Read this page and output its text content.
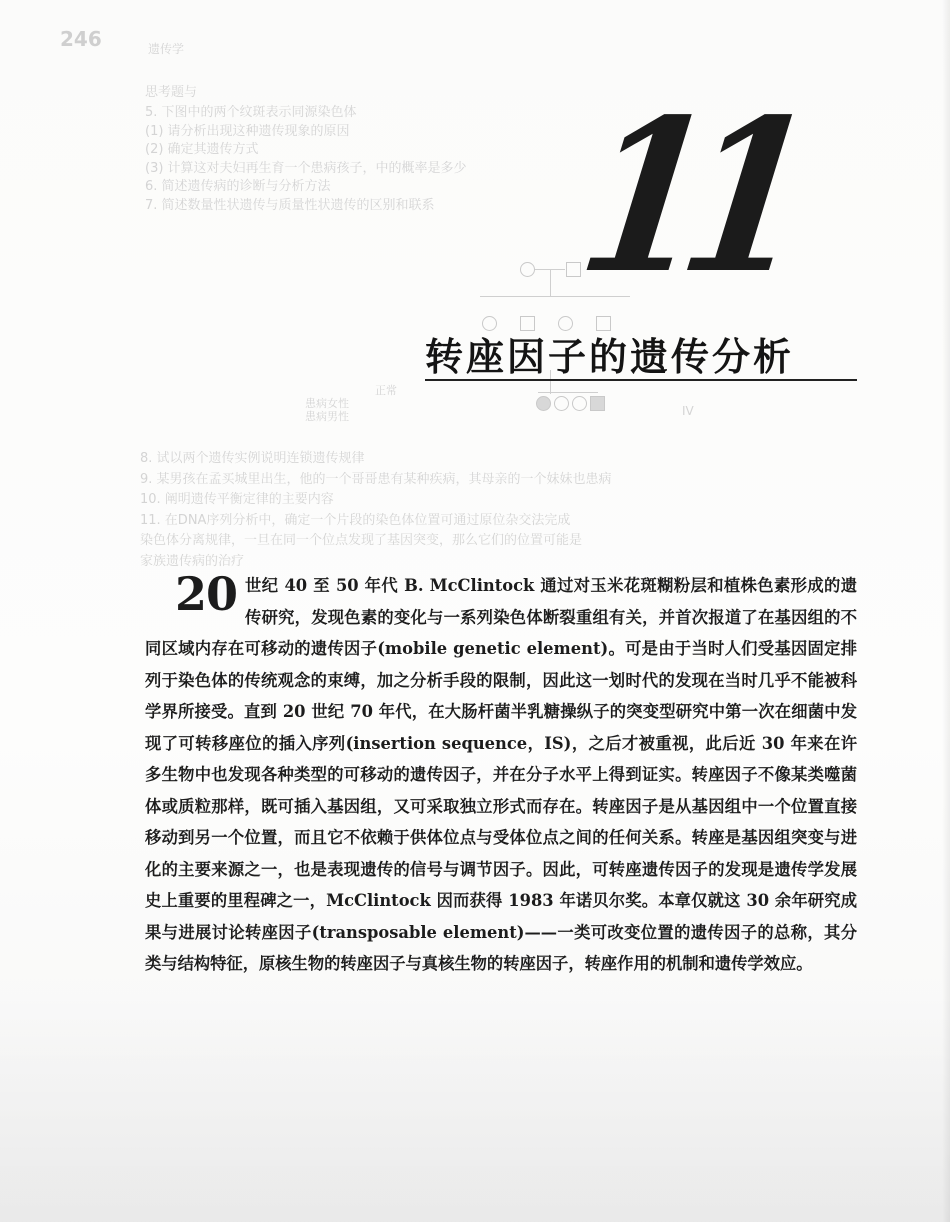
246	遗传学
思考题与
5. 下图中的两个纹斑表示同源染色体
(1) 请分析出现这种遗传现象的原因
(2) 确定其遗传方式
(3) 计算这对夫妇再生育一个患病孩子，中的概率是多少
6. 简述遗传病的诊断与分析方法
7. 简述数量性状遗传与质量性状遗传的区别和联系
正常
患病女性
患病男性	IV
8. 试以两个遗传实例说明连锁遗传规律
9. 某男孩在孟买城里出生，他的一个哥哥患有某种疾病，其母亲的一个妹妹也患病
10. 阐明遗传平衡定律的主要内容
11. 在DNA序列分析中，确定一个片段的染色体位置可通过原位杂交法完成
染色体分离规律，一旦在同一个位点发现了基因突变，那么它们的位置可能是
家族遗传病的治疗
11
转座因子的遗传分析
20 世纪 40 至 50 年代 B. McClintock 通过对玉米花斑糊粉层和植株色素形成的遗传研究，发现色素的变化与一系列染色体断裂重组有关，并首次报道了在基因组的不同区域内存在可移动的遗传因子(mobile genetic element)。可是由于当时人们受基因固定排列于染色体的传统观念的束缚，加之分析手段的限制，因此这一划时代的发现在当时几乎不能被科学界所接受。直到 20 世纪 70 年代，在大肠杆菌半乳糖操纵子的突变型研究中第一次在细菌中发现了可转移座位的插入序列(insertion sequence，IS)，之后才被重视，此后近 30 年来在许多生物中也发现各种类型的可移动的遗传因子，并在分子水平上得到证实。转座因子不像某类噬菌体或质粒那样，既可插入基因组，又可采取独立形式而存在。转座因子是从基因组中一个位置直接移动到另一个位置，而且它不依赖于供体位点与受体位点之间的任何关系。转座是基因组突变与进化的主要来源之一，也是表现遗传的信号与调节因子。因此，可转座遗传因子的发现是遗传学发展史上重要的里程碑之一，McClintock 因而获得 1983 年诺贝尔奖。本章仅就这 30 余年研究成果与进展讨论转座因子(transposable element)——一类可改变位置的遗传因子的总称，其分类与结构特征，原核生物的转座因子与真核生物的转座因子，转座作用的机制和遗传学效应。
